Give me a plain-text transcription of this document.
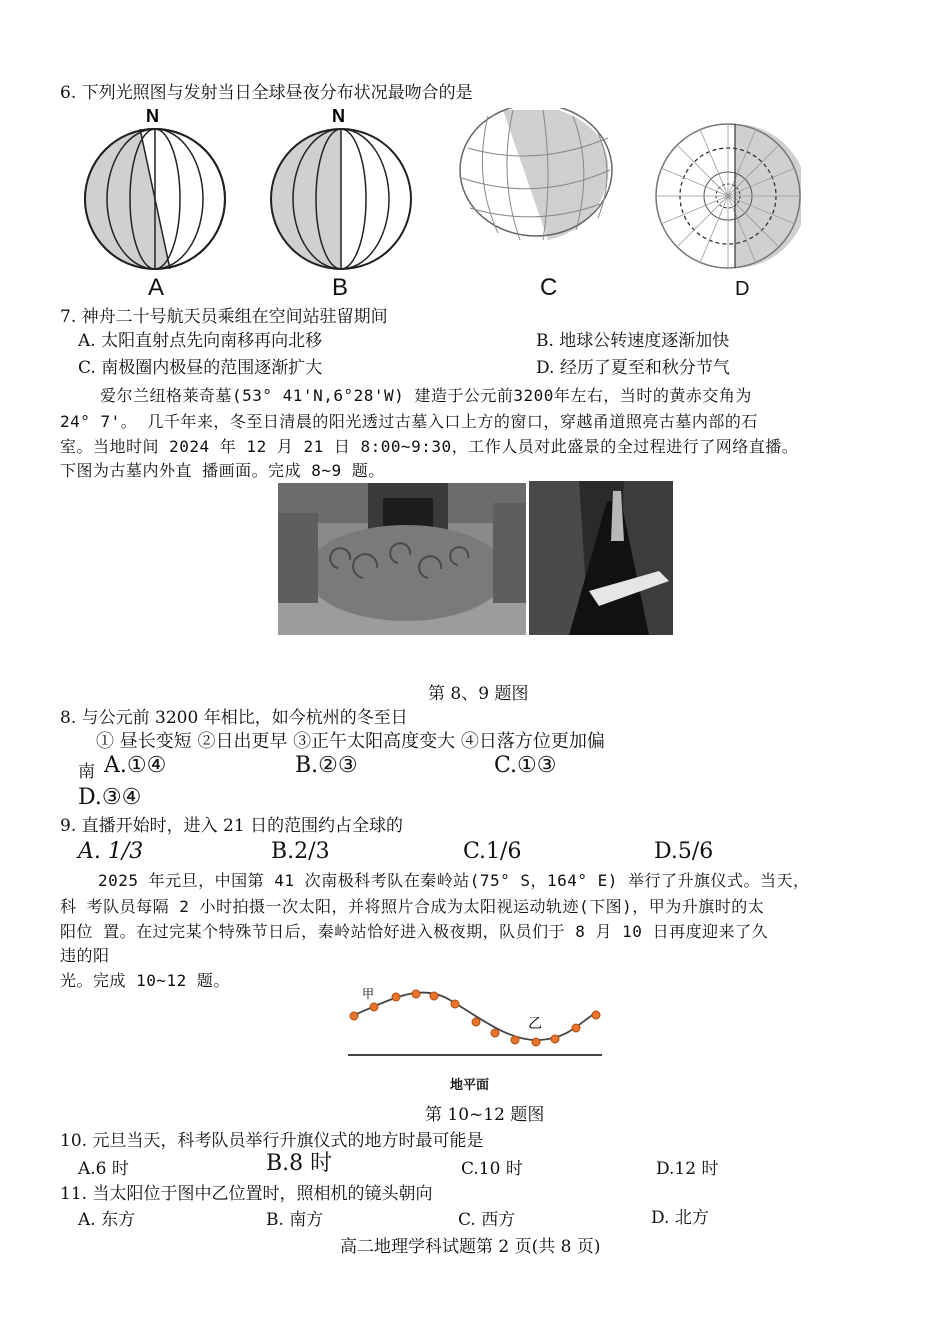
6. 下列光照图与发射当日全球昼夜分布状况最吻合的是
N
A
N
B	C	D
7. 神舟二十号航天员乘组在空间站驻留期间
A. 太阳直射点先向南移再向北移	B. 地球公转速度逐渐加快
C. 南极圈内极昼的范围逐渐扩大	D. 经历了夏至和秋分节气
爱尔兰纽格莱奇墓(53° 41'N,6°28'W) 建造于公元前3200年左右，当时的黄赤交角为
24° 7'。 几千年来，冬至日清晨的阳光透过古墓入口上方的窗口，穿越甬道照亮古墓内部的石
室。当地时间 2024 年 12 月 21 日 8:00~9:30，工作人员对此盛景的全过程进行了网络直播。
下图为古墓内外直 播画面。完成 8~9 题。
第 8、9 题图
8. 与公元前 3200 年相比，如今杭州的冬至日
① 昼长变短 ②日出更早 ③正午太阳高度变大 ④日落方位更加偏
南 A.①④	B.②③	C.①③
D.③④
9. 直播开始时，进入 21 日的范围约占全球的
A. 1/3	B.2/3	C.1/6	D.5/6
2025 年元旦，中国第 41 次南极科考队在秦岭站(75° S，164° E) 举行了升旗仪式。当天，
科 考队员每隔 2 小时拍摄一次太阳，并将照片合成为太阳视运动轨迹(下图)，甲为升旗时的太
阳位 置。在过完某个特殊节日后，秦岭站恰好进入极夜期，队员们于 8 月 10 日再度迎来了久
违的阳
光。完成 10~12 题。
甲
乙
地平面
第 10~12 题图
10. 元旦当天，科考队员举行升旗仪式的地方时最可能是
A.6 时	B.8 时	C.10 时	D.12 时
11. 当太阳位于图中乙位置时，照相机的镜头朝向
A. 东方	B. 南方	C. 西方	D. 北方
高二地理学科试题第 2 页(共 8 页)
